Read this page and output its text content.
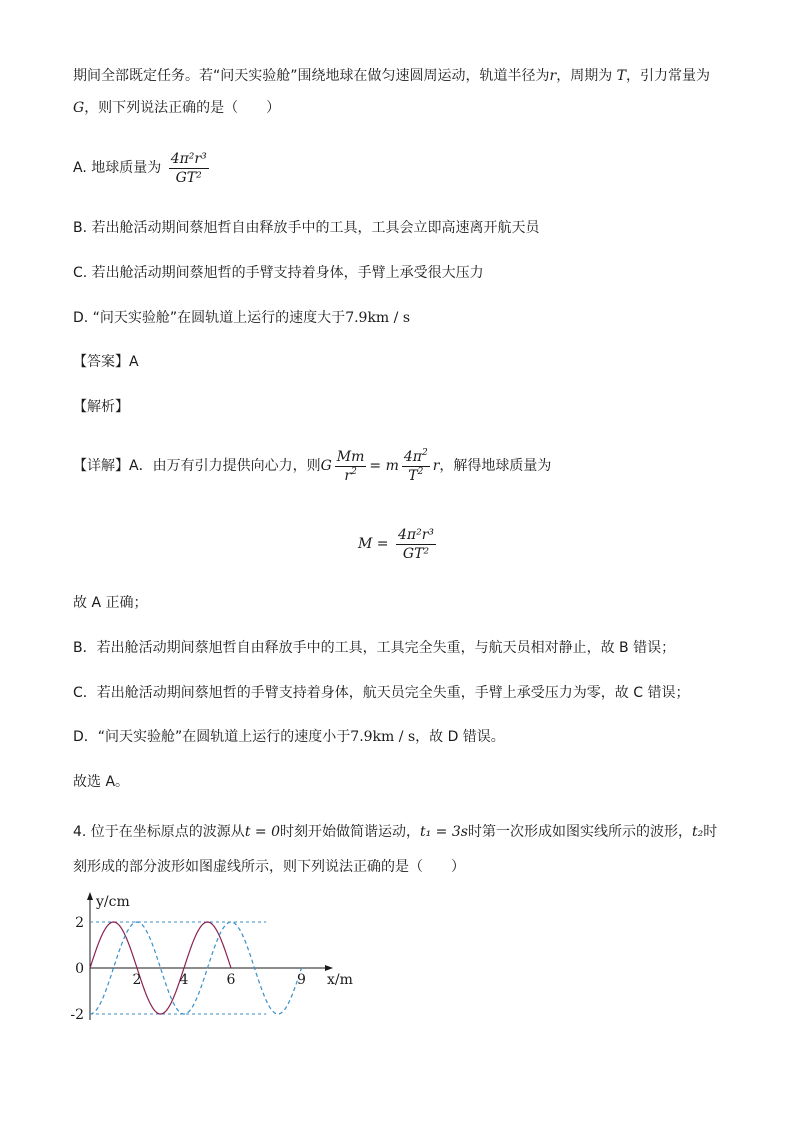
期间全部既定任务。若“问天实验舱”围绕地球在做匀速圆周运动，轨道半径为r，周期为 T，引力常量为
G，则下列说法正确的是（　　）
A. 地球质量为 $\frac{\text{4π²r³}}{\text{GT²}}$
B. 若出舱活动期间蔡旭哲自由释放手中的工具，工具会立即高速离开航天员
C. 若出舱活动期间蔡旭哲的手臂支持着身体，手臂上承受很大压力
D. “问天实验舱”在圆轨道上运行的速度大于7.9km / s
【答案】A
【解析】
【详解】A．由万有引力提供向心力，则G $\frac{Mm}{r^2} = m \frac{4\pi^2}{T^2}$ r，解得地球质量为
$M = \frac{\text{4π²r³}}{\text{GT²}}$
故 A 正确；
B．若出舱活动期间蔡旭哲自由释放手中的工具，工具完全失重，与航天员相对静止，故 B 错误；
C．若出舱活动期间蔡旭哲的手臂支持着身体，航天员完全失重，手臂上承受压力为零，故 C 错误；
D．“问天实验舱”在圆轨道上运行的速度小于7.9km / s，故 D 错误。
故选 A。
4. 位于在坐标原点的波源从t = 0时刻开始做简谐运动，t₁ = 3s时第一次形成如图实线所示的波形，t₂时
刻形成的部分波形如图虚线所示，则下列说法正确的是（　　）
2
0
-2
2	4	6	9
y/cm
x/m
